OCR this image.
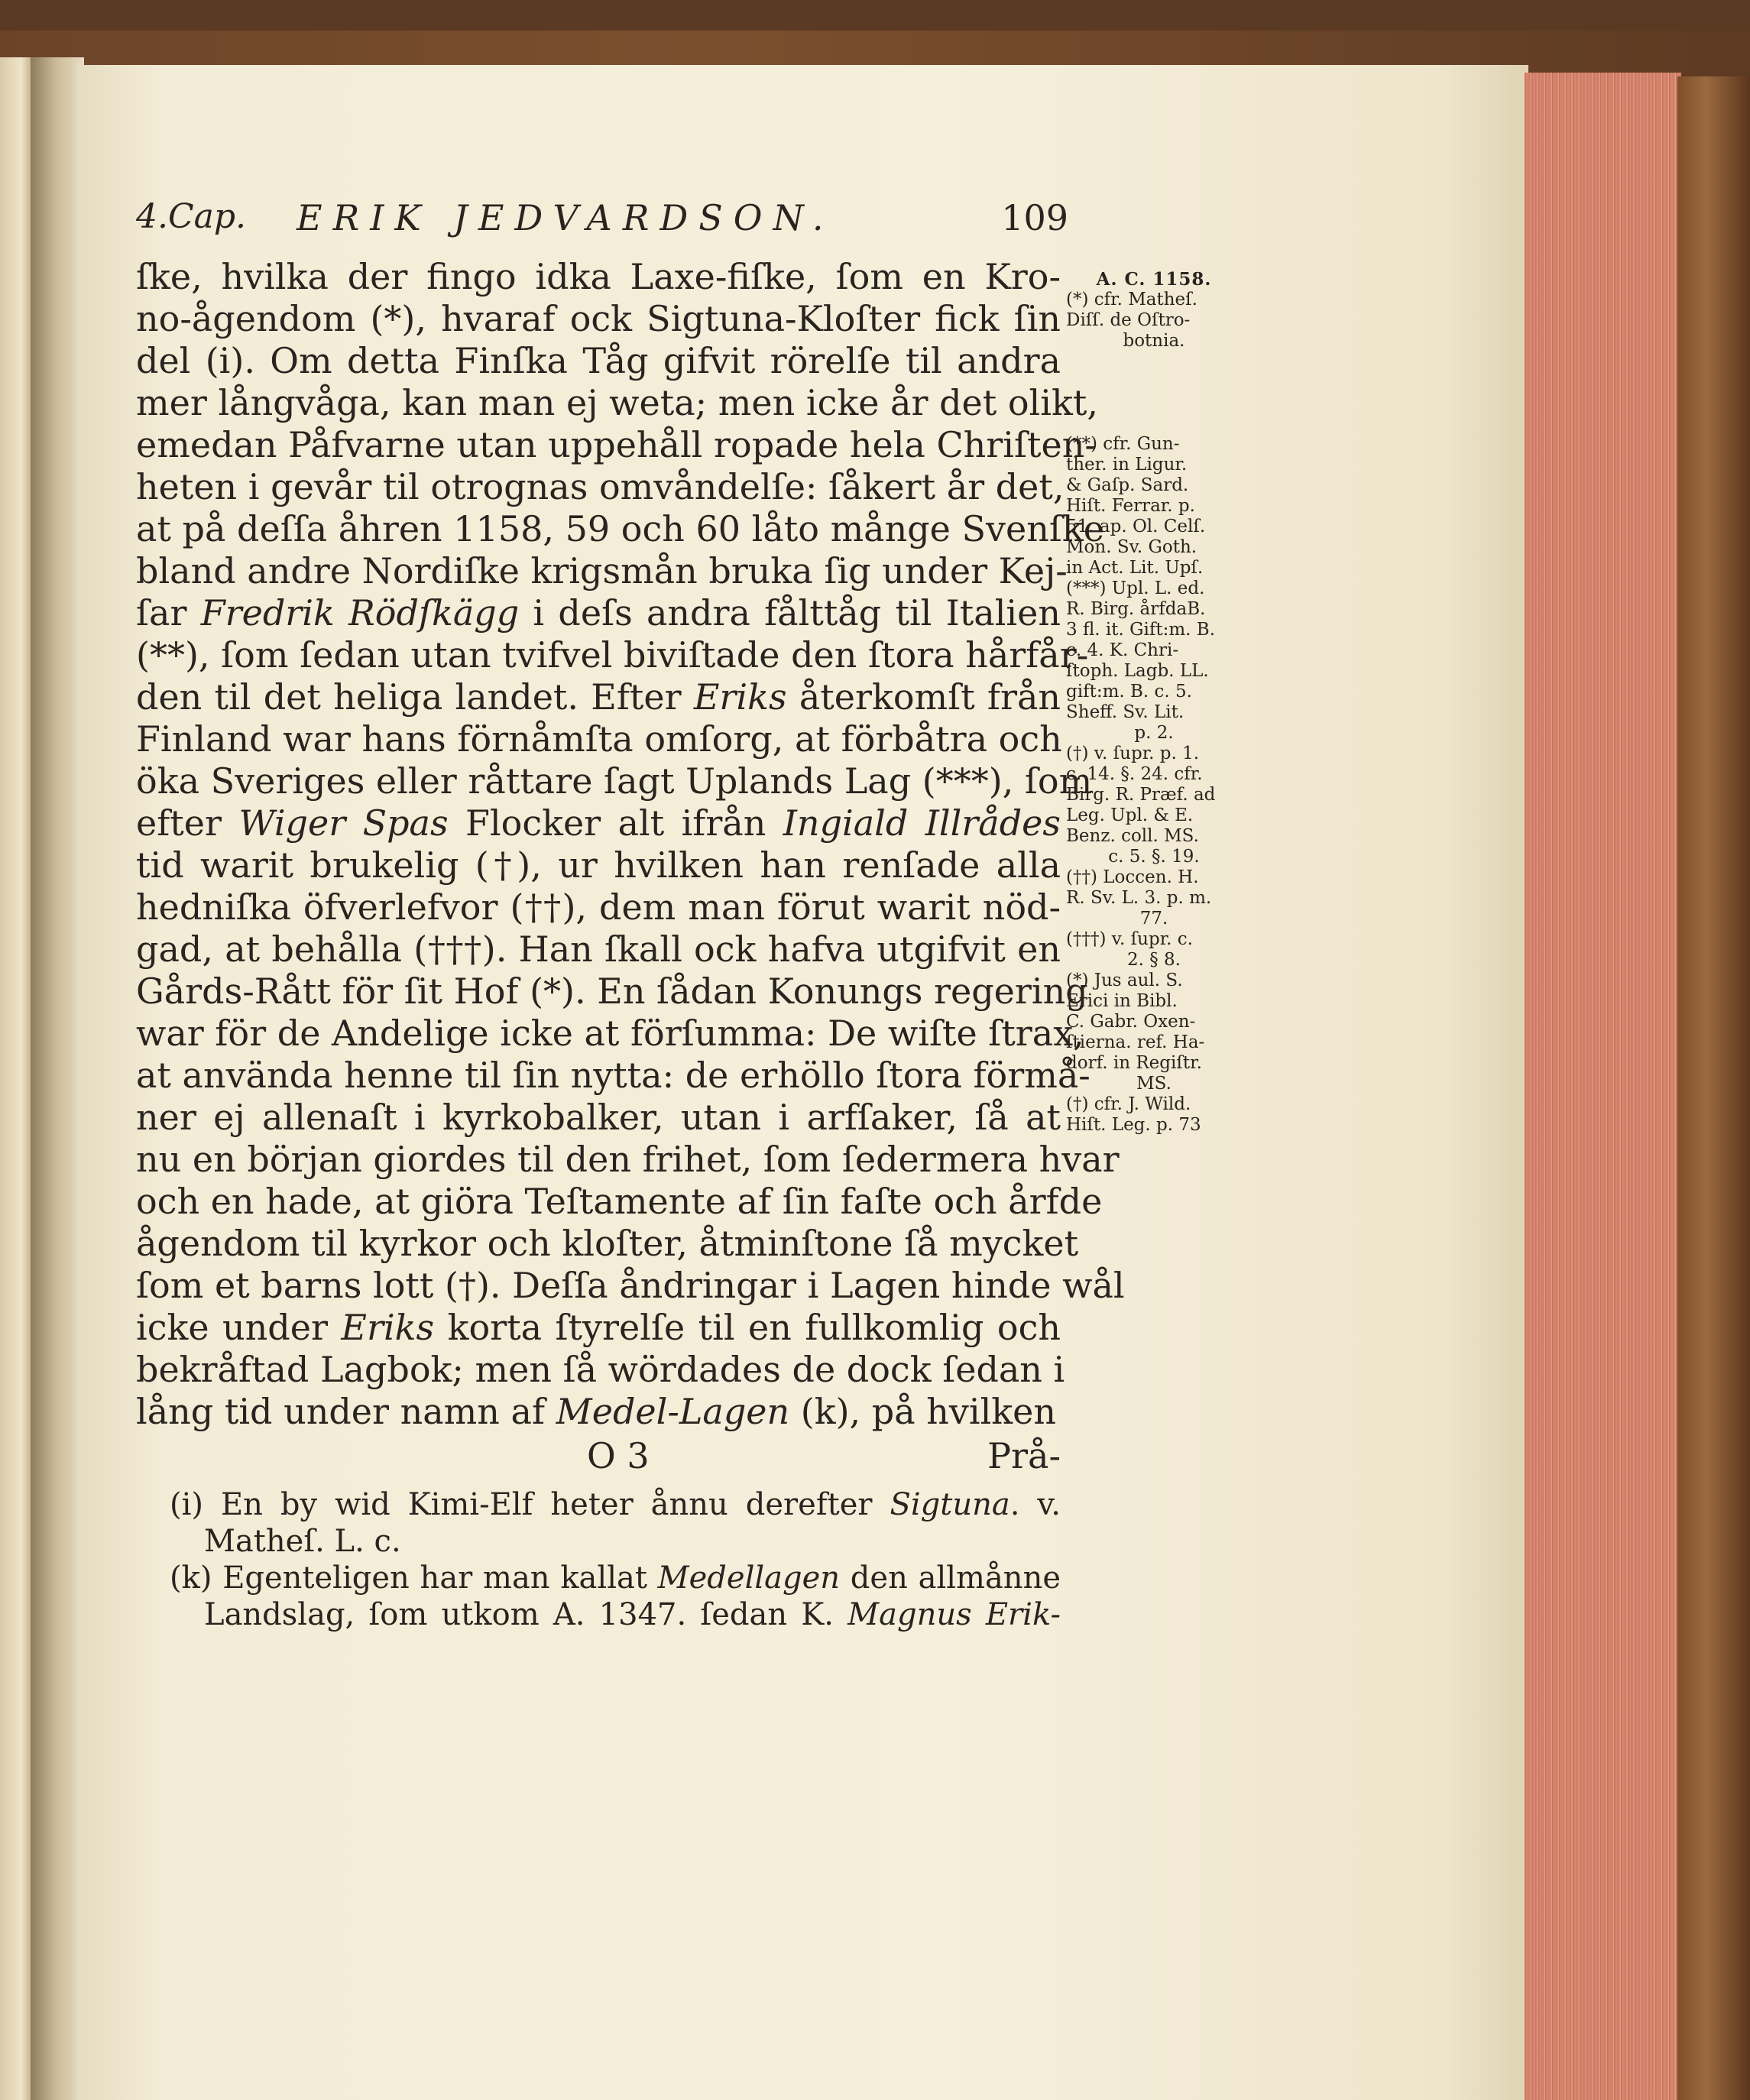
4.Cap. ERIK JEDVARDSON.	109
ſke, hvilka der fingo idka Laxe-fiſke, ſom en Kro-
no-ågendom (*), hvaraf ock Sigtuna-Kloſter fick ſin
del (i). Om detta Finſka Tåg gifvit rörelſe til andra
mer långvåga, kan man ej weta; men icke år det olikt,
emedan Påfvarne utan uppehåll ropade hela Chriſten-
heten i gevår til otrognas omvåndelſe: ſåkert år det,
at på deſſa åhren 1158, 59 och 60 låto månge Svenſke
bland andre Nordiſke krigsmån bruka ſig under Kej-
ſar Fredrik Rödſkägg i deſs andra fålttåg til Italien
(**), ſom ſedan utan tvifvel biviſtade den ſtora hårfår-
den til det heliga landet. Efter Eriks återkomſt från
Finland war hans förnåmſta omſorg, at förbåtra och
öka Sveriges eller råttare ſagt Uplands Lag (***), ſom
efter Wiger Spas Flocker alt ifrån Ingiald Illrådes
tid warit brukelig (†), ur hvilken han renſade alla
hedniſka öfverlefvor (††), dem man förut warit nöd-
gad, at behålla (†††). Han ſkall ock hafva utgifvit en
Gårds-Rått för ſit Hof (*). En ſådan Konungs regering
war för de Andelige icke at förſumma: De wiſte ſtrax,
at använda henne til ſin nytta: de erhöllo ſtora förmå-
ner ej allenaſt i kyrkobalker, utan i arfſaker, ſå at
nu en början giordes til den frihet, ſom ſedermera hvar
och en hade, at giöra Teſtamente af ſin faſte och årfde
ågendom til kyrkor och kloſter, åtminſtone ſå mycket
ſom et barns lott (†). Deſſa åndringar i Lagen hinde wål
icke under Eriks korta ſtyrelſe til en fullkomlig och
bekråftad Lagbok; men ſå wördades de dock ſedan i
lång tid under namn af Medel-Lagen (k), på hvilken
A. C. 1158.
(*) cfr. Matheſ.
Diſſ. de Oſtro-
botnia.
(**) cfr. Gun-
ther. in Ligur.
& Gaſp. Sard.
Hiſt. Ferrar. p.
51. ap. Ol. Celſ.
Mon. Sv. Goth.
in Act. Lit. Upſ.
(***) Upl. L. ed.
R. Birg. årfdaB.
3 fl. it. Gift:m. B.
c. 4. K. Chri-
ſtoph. Lagb. LL.
gift:m. B. c. 5.
Sheff. Sv. Lit.
p. 2.
(†) v. ſupr. p. 1.
c. 14. §. 24. cfr.
Birg. R. Præf. ad
Leg. Upl. & E.
Benz. coll. MS.
c. 5. §. 19.
(††) Loccen. H.
R. Sv. L. 3. p. m.
77.
(†††) v. ſupr. c.
2. § 8.
(*) Jus aul. S.
Erici in Bibl.
C. Gabr. Oxen-
ſtierna. ref. Ha-
dorf. in Regiſtr.
MS.
(†) cfr. J. Wild.
Hiſt. Leg. p. 73
O 3	Prå-
(i) En by wid Kimi-Elf heter ånnu derefter Sigtuna. v.
Matheſ. L. c.
(k) Egenteligen har man kallat Medellagen den allmånne
Landslag, ſom utkom A. 1347. ſedan K. Magnus Erik-
